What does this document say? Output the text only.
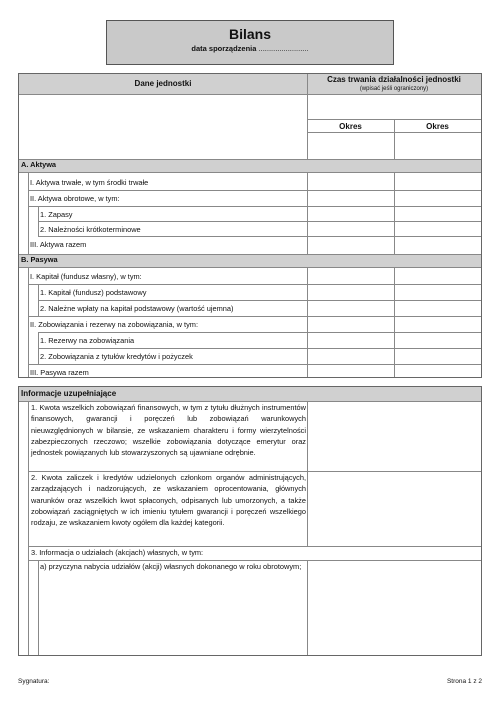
Bilans
data sporządzenia ........................
Dane jednostki	Czas trwania działalności jednostki
(wpisać jeśli ograniczony)
Okres	Okres
A. Aktywa
I. Aktywa trwałe, w tym środki trwałe
II. Aktywa obrotowe, w tym:
1. Zapasy
2. Należności krótkoterminowe
III. Aktywa razem
B. Pasywa
I. Kapitał (fundusz własny), w tym:
1. Kapitał (fundusz) podstawowy
2. Należne wpłaty na kapitał podstawowy (wartość ujemna)
II. Zobowiązania i rezerwy na zobowiązania, w tym:
1. Rezerwy na zobowiązania
2. Zobowiązania z tytułów kredytów i pożyczek
III. Pasywa razem
Informacje uzupełniające
1. Kwota wszelkich zobowiązań finansowych, w tym z tytułu dłużnych instrumentów finansowych, gwarancji i poręczeń lub zobowiązań warunkowych nieuwzględnionych w bilansie, ze wskazaniem charakteru i formy wierzytelności zabezpieczonych rzeczowo; wszelkie zobowiązania dotyczące emerytur oraz jednostek powiązanych lub stowarzyszonych są ujawniane odrębnie.
2. Kwota zaliczek i kredytów udzielonych członkom organów administrujących, zarządzających i nadzorujących, ze wskazaniem oprocentowania, głównych warunków oraz wszelkich kwot spłaconych, odpisanych lub umorzonych, a także zobowiązań zaciągniętych w ich imieniu tytułem gwarancji i poręczeń wszelkiego rodzaju, ze wskazaniem kwoty ogółem dla każdej kategorii.
3. Informacja o udziałach (akcjach) własnych, w tym:
a) przyczyna nabycia udziałów (akcji) własnych dokonanego w roku obrotowym;
Sygnatura:	Strona 1 z 2
